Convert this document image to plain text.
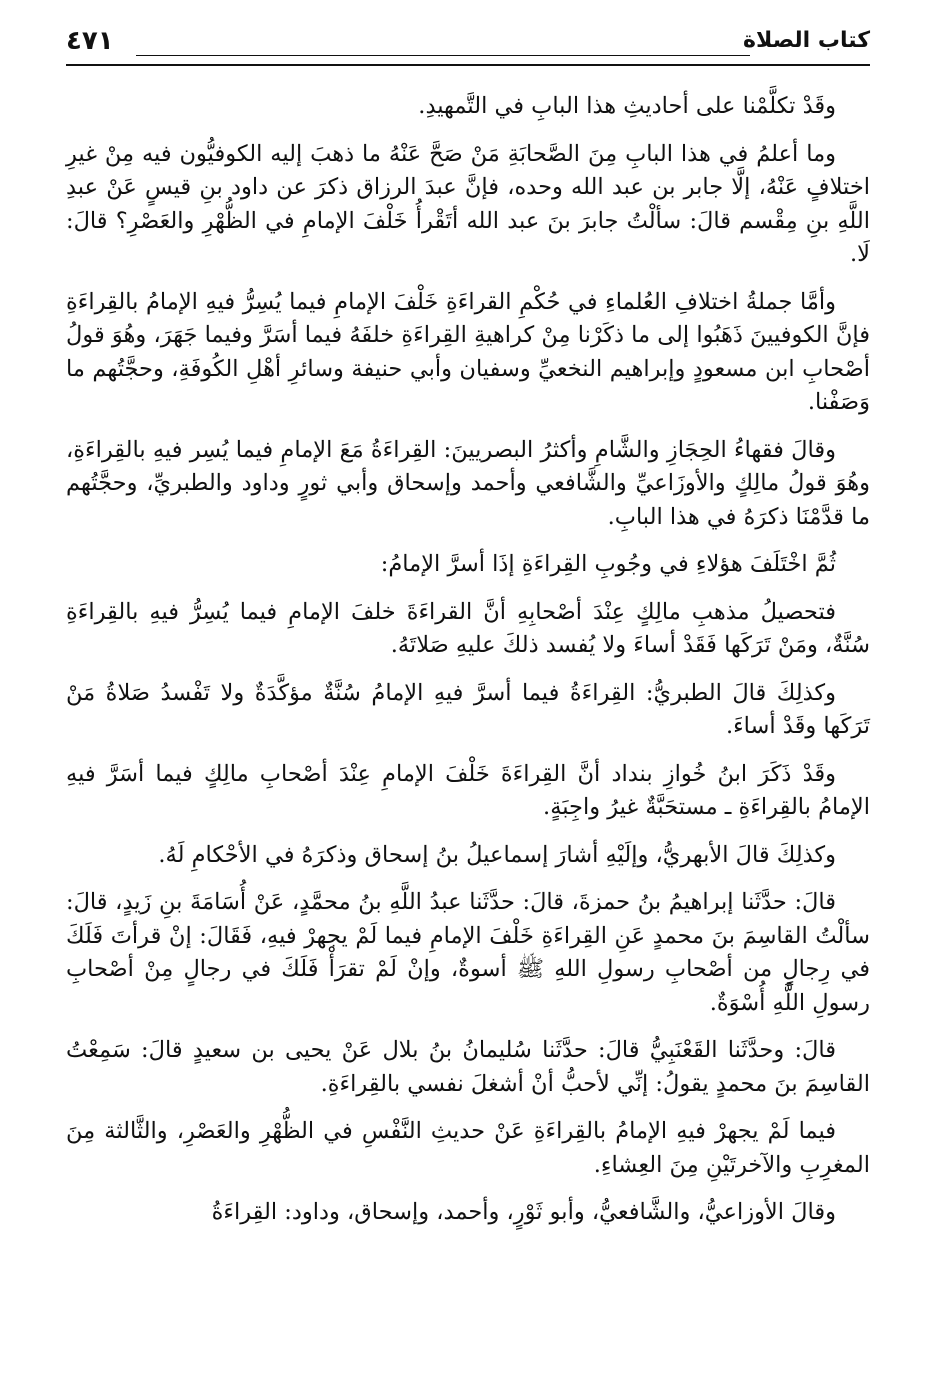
كتاب الصلاة
٤٧١

وقَدْ تكلَّمْنا على أحاديثِ هذا البابِ في التَّمهيدِ.

وما أعلمُ في هذا البابِ مِنَ الصَّحابَةِ مَنْ صَحَّ عَنْهُ ما ذهبَ إليه الكوفيُّون فيه مِنْ غيرِ اختلافٍ عَنْهُ، إلَّا جابر بن عبد الله وحده، فإنَّ عبدَ الرزاق ذكرَ عن داود بنِ قيسٍ عَنْ عبدِ اللَّهِ بنِ مِقْسم قالَ: سألْتُ جابرَ بنَ عبد الله أتَقْرأُ خَلْفَ الإمامِ في الظُّهْرِ والعَصْرِ؟ قالَ: لَا.

وأمَّا جملةُ اختلافِ العُلماءِ في حُكْمِ القراءَةِ خَلْفَ الإمامِ فيما يُسِرُّ فيهِ الإمامُ بالقِراءَةِ فإنَّ الكوفيينَ ذَهَبُوا إلى ما ذكَرْنا مِنْ كراهيةِ القِراءَةِ خلفَهُ فيما أسَرَّ وفيما جَهَرَ، وهُوَ قولُ أصْحابِ ابن مسعودٍ وإبراهيم النخعيِّ وسفيان وأبي حنيفة وسائرِ أهْلِ الكُوفَةِ، وحجَّتُهم ما وَصَفْنا.

وقالَ فقهاءُ الحِجَازِ والشَّامِ وأكثرُ البصريينَ: القِراءَةُ مَعَ الإمامِ فيما يُسِر فيهِ بالقِراءَةِ، وهُوَ قولُ مالِكٍ والأوزَاعيِّ والشَّافعي وأحمد وإسحاق وأبي ثورٍ وداود والطبريِّ، وحجَّتُهم ما قدَّمْنَا ذكرَهُ في هذا البابِ.

ثُمَّ اخْتَلَفَ هؤلاءِ في وجُوبِ القِراءَةِ إذَا أسرَّ الإمامُ:

فتحصيلُ مذهبِ مالِكٍ عِنْدَ أصْحابِهِ أنَّ القراءَةَ خلفَ الإمامِ فيما يُسِرُّ فيهِ بالقِراءَةِ سُنَّةٌ، ومَنْ تَرَكَها فَقَدْ أساءَ ولا يُفسد ذلكَ عليهِ صَلاتَهُ.

وكذلِكَ قالَ الطبريُّ: القِراءَةُ فيما أسرَّ فيهِ الإمامُ سُنَّةٌ مؤكَّدَةٌ ولا تَفْسدُ صَلاةُ مَنْ تَرَكَها وقَدْ أساءَ.

وقَدْ ذَكَرَ ابنُ خُوازِ بنداد أنَّ القِراءَةَ خَلْفَ الإمامِ عِنْدَ أصْحابِ مالِكٍ فيما أسَرَّ فيهِ الإمامُ بالقِراءَةِ ـ مستحَبَّةٌ غيرُ واجِبَةٍ.

وكذلِكَ قالَ الأبهريُّ، وإلَيْهِ أشارَ إسماعيلُ بنُ إسحاق وذكرَهُ في الأحْكامِ لَهُ.

قالَ: حدَّثَنا إبراهيمُ بنُ حمزةَ، قالَ: حدَّثَنا عبدُ اللَّهِ بنُ محمَّدٍ، عَنْ أُسَامَةَ بنِ زَيدٍ، قالَ: سألْتُ القاسِمَ بنَ محمدٍ عَنِ القِراءَةِ خَلْفَ الإمامِ فيما لَمْ يجهرْ فيهِ، فَقَالَ: إنْ قرأتَ فَلَكَ في رِجالٍ من أصْحابِ رسولِ اللهِ ﷺ أسوةٌ، وإنْ لَمْ تقرَأْ فَلَكَ في رجالٍ مِنْ أصْحابِ رسولِ اللَّهِ أُسْوَةٌ.

قالَ: وحدَّثَنا القَعْنَبِيُّ قالَ: حدَّثَنا سُليمانُ بنُ بلال عَنْ يحيى بن سعيدٍ قالَ: سَمِعْتُ القاسِمَ بنَ محمدٍ يقولُ: إنِّي لأحبُّ أنْ أشغلَ نفسي بالقِراءَةِ.

فيما لَمْ يجهرْ فيهِ الإمامُ بالقِراءَةِ عَنْ حديثِ النَّفْسِ في الظُّهْرِ والعَصْرِ، والثَّالثة مِنَ المغرِبِ والآخرتَيْنِ مِنَ العِشاءِ.

وقالَ الأوزاعيُّ، والشَّافعيُّ، وأبو ثَوْرٍ، وأحمد، وإسحاق، وداود: القِراءَةُ
